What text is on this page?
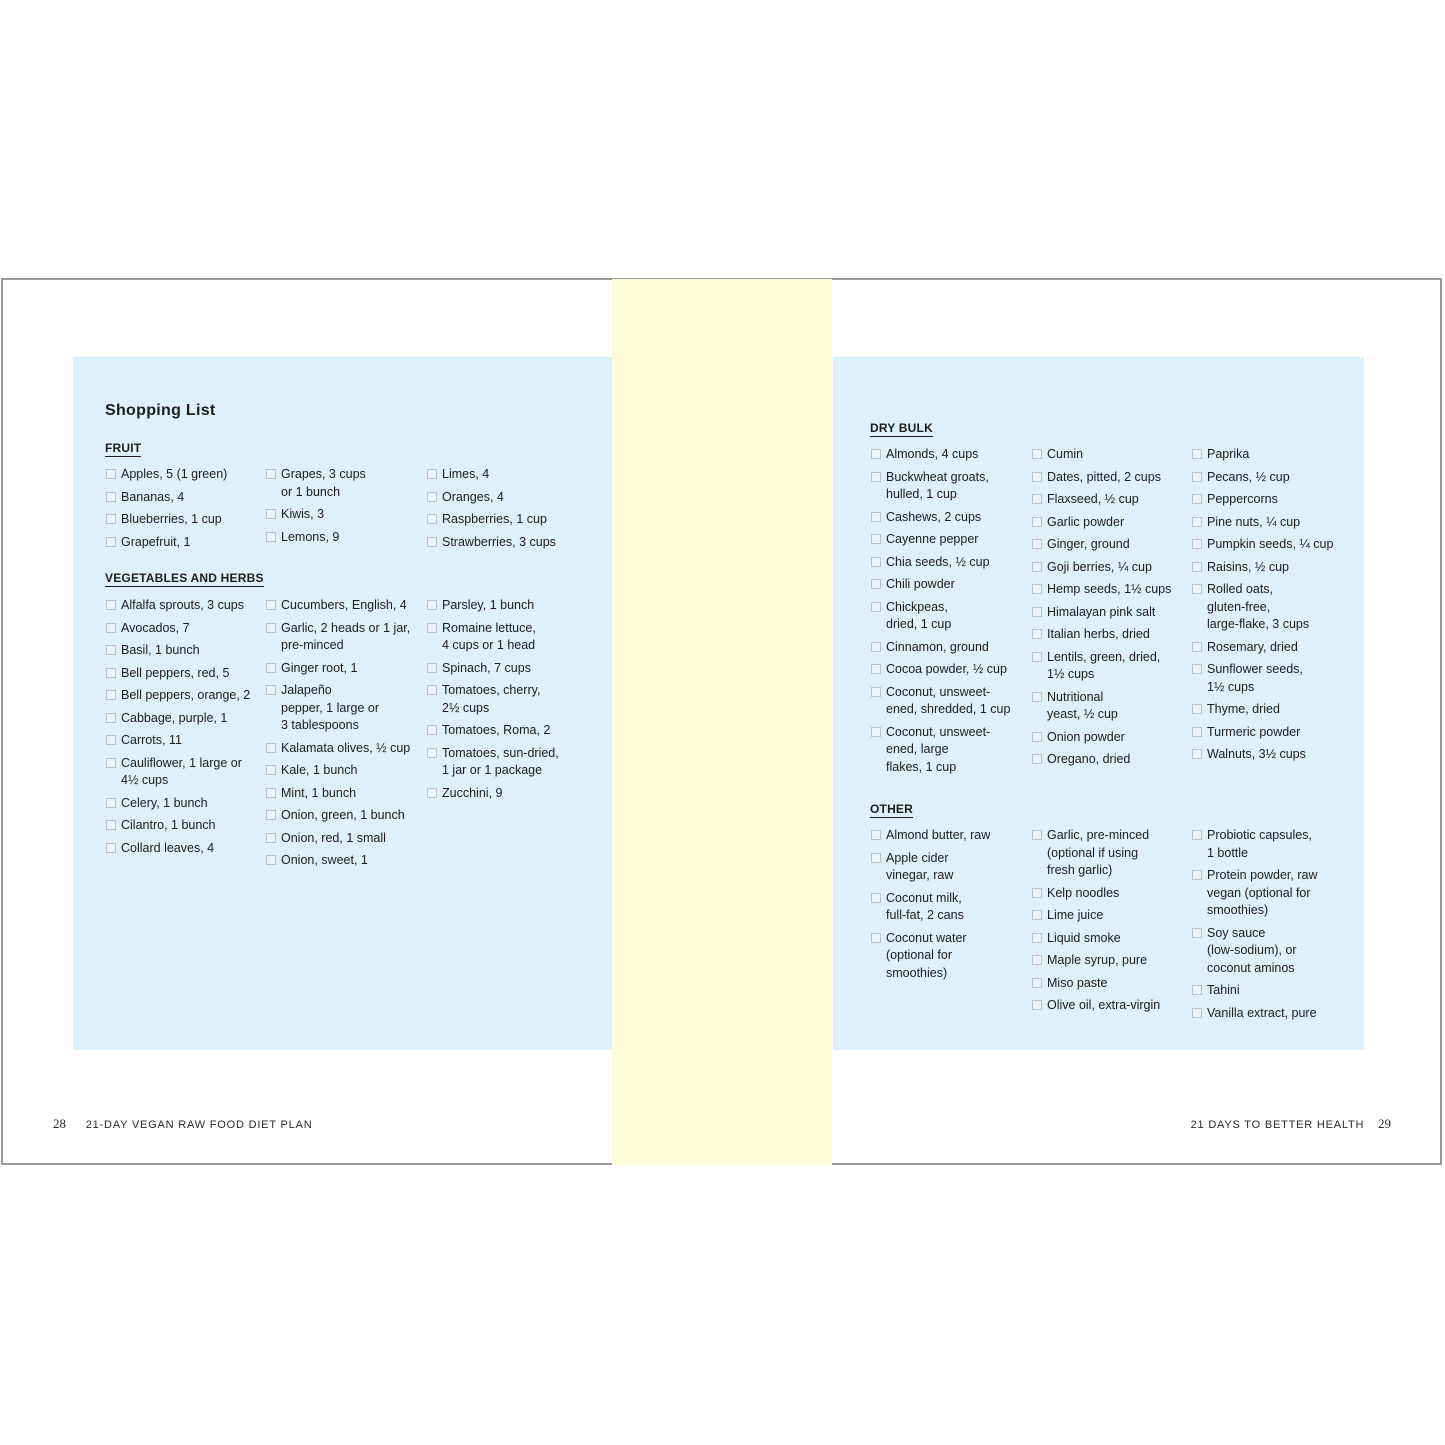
Shopping List
FRUIT
Apples, 5 (1 green)
Bananas, 4
Blueberries, 1 cup
Grapefruit, 1
Grapes, 3 cups
or 1 bunch
Kiwis, 3
Lemons, 9
Limes, 4
Oranges, 4
Raspberries, 1 cup
Strawberries, 3 cups
VEGETABLES AND HERBS
Alfalfa sprouts, 3 cups
Avocados, 7
Basil, 1 bunch
Bell peppers, red, 5
Bell peppers, orange, 2
Cabbage, purple, 1
Carrots, 11
Cauliflower, 1 large or
4½ cups
Celery, 1 bunch
Cilantro, 1 bunch
Collard leaves, 4
Cucumbers, English, 4
Garlic, 2 heads or 1 jar,
pre-minced
Ginger root, 1
Jalapeño
pepper, 1 large or
3 tablespoons
Kalamata olives, ½ cup
Kale, 1 bunch
Mint, 1 bunch
Onion, green, 1 bunch
Onion, red, 1 small
Onion, sweet, 1
Parsley, 1 bunch
Romaine lettuce,
4 cups or 1 head
Spinach, 7 cups
Tomatoes, cherry,
2½ cups
Tomatoes, Roma, 2
Tomatoes, sun-dried,
1 jar or 1 package
Zucchini, 9
28 21-DAY VEGAN RAW FOOD DIET PLAN
DRY BULK
Almonds, 4 cups
Buckwheat groats,
hulled, 1 cup
Cashews, 2 cups
Cayenne pepper
Chia seeds, ½ cup
Chili powder
Chickpeas,
dried, 1 cup
Cinnamon, ground
Cocoa powder, ½ cup
Coconut, unsweet-
ened, shredded, 1 cup
Coconut, unsweet-
ened, large
flakes, 1 cup
Cumin
Dates, pitted, 2 cups
Flaxseed, ½ cup
Garlic powder
Ginger, ground
Goji berries, ¼ cup
Hemp seeds, 1½ cups
Himalayan pink salt
Italian herbs, dried
Lentils, green, dried,
1½ cups
Nutritional
yeast, ½ cup
Onion powder
Oregano, dried
Paprika
Pecans, ½ cup
Peppercorns
Pine nuts, ¼ cup
Pumpkin seeds, ¼ cup
Raisins, ½ cup
Rolled oats,
gluten-free,
large-flake, 3 cups
Rosemary, dried
Sunflower seeds,
1½ cups
Thyme, dried
Turmeric powder
Walnuts, 3½ cups
OTHER
Almond butter, raw
Apple cider
vinegar, raw
Coconut milk,
full-fat, 2 cans
Coconut water
(optional for
smoothies)
Garlic, pre-minced
(optional if using
fresh garlic)
Kelp noodles
Lime juice
Liquid smoke
Maple syrup, pure
Miso paste
Olive oil, extra-virgin
Probiotic capsules,
1 bottle
Protein powder, raw
vegan (optional for
smoothies)
Soy sauce
(low-sodium), or
coconut aminos
Tahini
Vanilla extract, pure
21 DAYS TO BETTER HEALTH 29
